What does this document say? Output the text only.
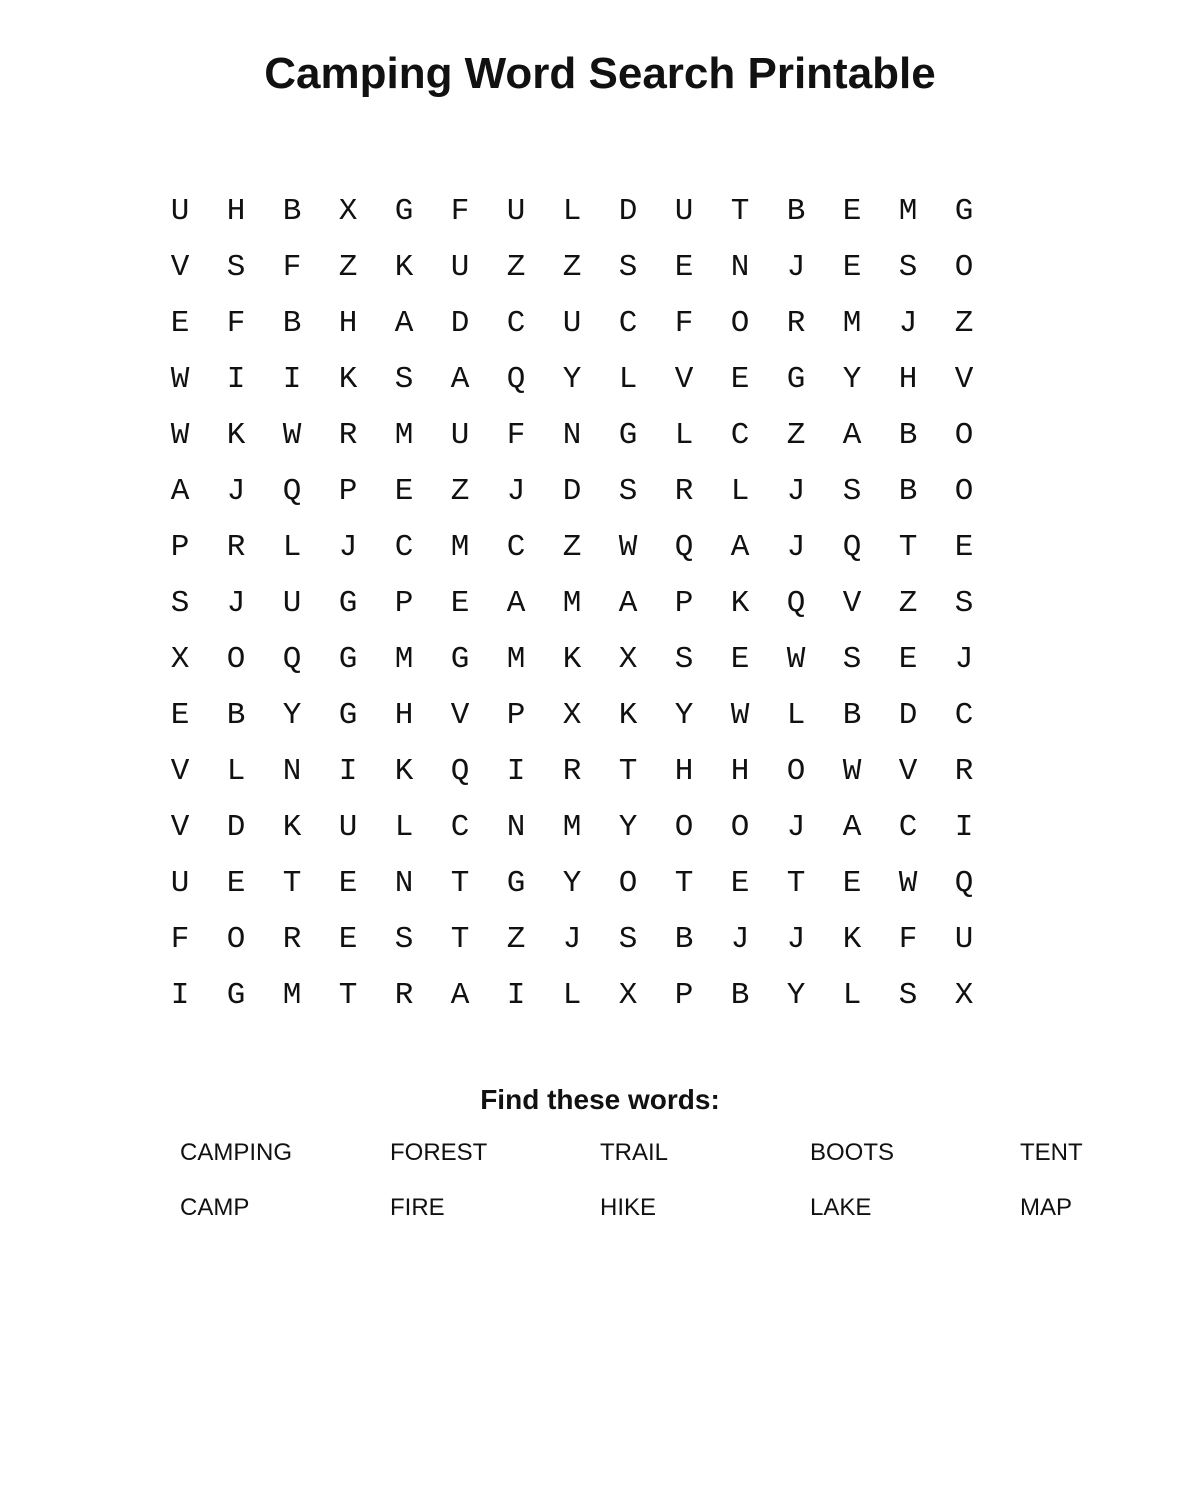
Camping Word Search Printable
U	H	B	X	G	F	U	L	D	U	T	B	E	M	G
V	S	F	Z	K	U	Z	Z	S	E	N	J	E	S	O
E	F	B	H	A	D	C	U	C	F	O	R	M	J	Z
W	I	I	K	S	A	Q	Y	L	V	E	G	Y	H	V
W	K	W	R	M	U	F	N	G	L	C	Z	A	B	O
A	J	Q	P	E	Z	J	D	S	R	L	J	S	B	O
P	R	L	J	C	M	C	Z	W	Q	A	J	Q	T	E
S	J	U	G	P	E	A	M	A	P	K	Q	V	Z	S
X	O	Q	G	M	G	M	K	X	S	E	W	S	E	J
E	B	Y	G	H	V	P	X	K	Y	W	L	B	D	C
V	L	N	I	K	Q	I	R	T	H	H	O	W	V	R
V	D	K	U	L	C	N	M	Y	O	O	J	A	C	I
U	E	T	E	N	T	G	Y	O	T	E	T	E	W	Q
F	O	R	E	S	T	Z	J	S	B	J	J	K	F	U
I	G	M	T	R	A	I	L	X	P	B	Y	L	S	X
Find these words:
CAMPING	FOREST	TRAIL	BOOTS	TENT
CAMP	FIRE	HIKE	LAKE	MAP
